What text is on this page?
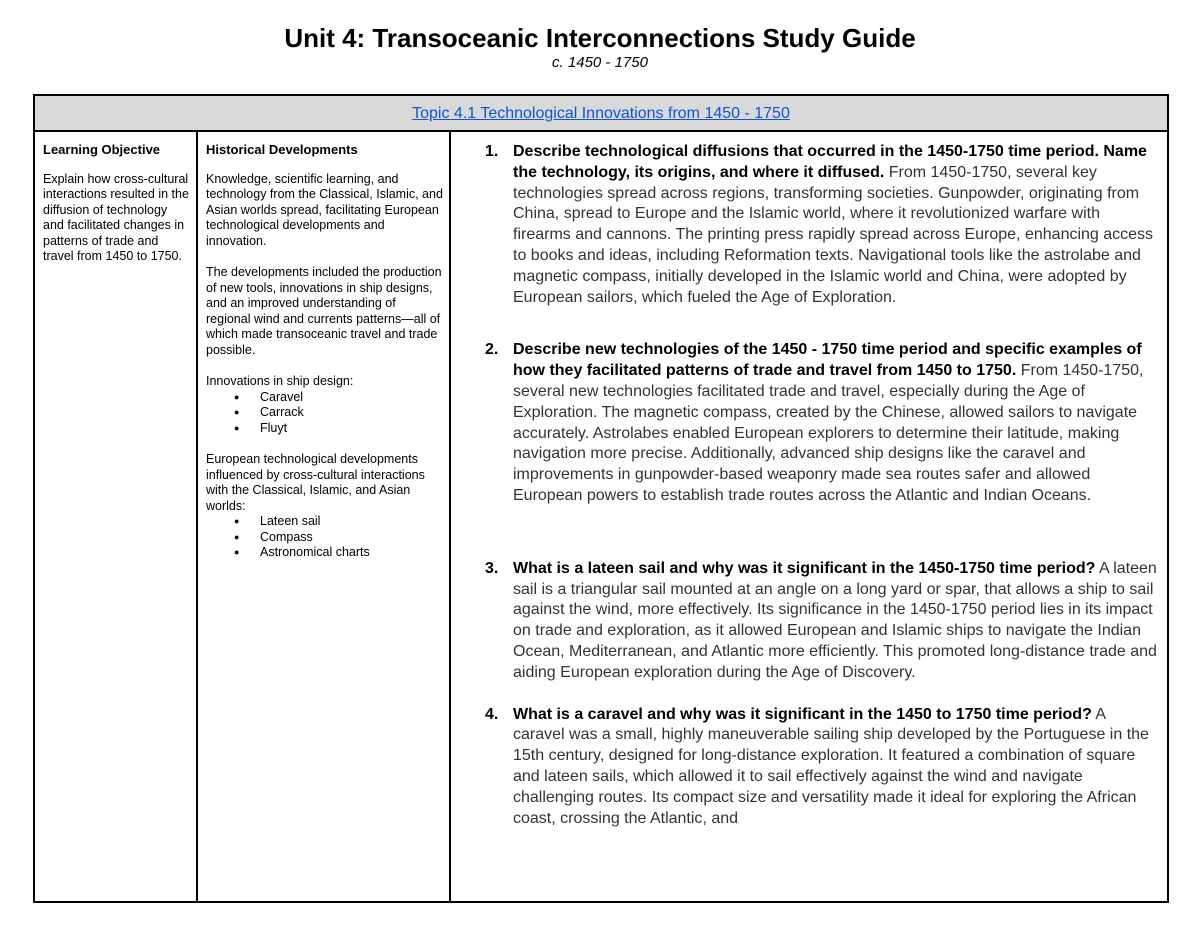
Unit 4: Transoceanic Interconnections Study Guide
c. 1450 - 1750
Topic 4.1 Technological Innovations from 1450 - 1750
Learning Objective

Explain how cross-cultural interactions resulted in the diffusion of technology and facilitated changes in patterns of trade and travel from 1450 to 1750.

Historical Developments

Knowledge, scientific learning, and technology from the Classical, Islamic, and Asian worlds spread, facilitating European technological developments and innovation.

The developments included the production of new tools, innovations in ship designs, and an improved understanding of regional wind and currents patterns—all of which made transoceanic travel and trade possible.

Innovations in ship design:
● Caravel
● Carrack
● Fluyt
European technological developments influenced by cross-cultural interactions with the Classical, Islamic, and Asian worlds:
● Lateen sail
● Compass
● Astronomical charts
1. Describe technological diffusions that occurred in the 1450-1750 time period. Name the technology, its origins, and where it diffused. From 1450-1750, several key technologies spread across regions, transforming societies. Gunpowder, originating from China, spread to Europe and the Islamic world, where it revolutionized warfare with firearms and cannons. The printing press rapidly spread across Europe, enhancing access to books and ideas, including Reformation texts. Navigational tools like the astrolabe and magnetic compass, initially developed in the Islamic world and China, were adopted by European sailors, which fueled the Age of Exploration.
2. Describe new technologies of the 1450 - 1750 time period and specific examples of how they facilitated patterns of trade and travel from 1450 to 1750. From 1450-1750, several new technologies facilitated trade and travel, especially during the Age of Exploration. The magnetic compass, created by the Chinese, allowed sailors to navigate accurately. Astrolabes enabled European explorers to determine their latitude, making navigation more precise. Additionally, advanced ship designs like the caravel and improvements in gunpowder-based weaponry made sea routes safer and allowed European powers to establish trade routes across the Atlantic and Indian Oceans.
3. What is a lateen sail and why was it significant in the 1450-1750 time period? A lateen sail is a triangular sail mounted at an angle on a long yard or spar, that allows a ship to sail against the wind, more effectively. Its significance in the 1450-1750 period lies in its impact on trade and exploration, as it allowed European and Islamic ships to navigate the Indian Ocean, Mediterranean, and Atlantic more efficiently. This promoted long-distance trade and aiding European exploration during the Age of Discovery.
4. What is a caravel and why was it significant in the 1450 to 1750 time period? A caravel was a small, highly maneuverable sailing ship developed by the Portuguese in the 15th century, designed for long-distance exploration. It featured a combination of square and lateen sails, which allowed it to sail effectively against the wind and navigate challenging routes. Its compact size and versatility made it ideal for exploring the African coast, crossing the Atlantic, and
